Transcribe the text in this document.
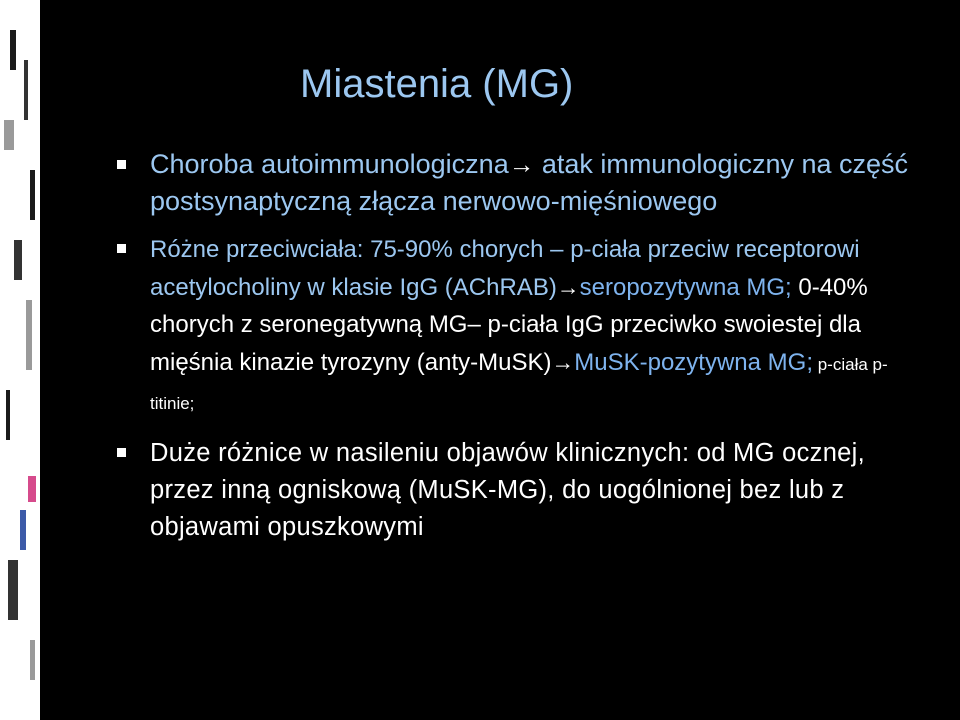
Miastenia (MG)
Choroba autoimmunologiczna→ atak immunologiczny na część postsynaptyczną złącza nerwowo-mięśniowego
Różne przeciwciała: 75-90% chorych – p-ciała przeciw receptorowi acetylocholiny w klasie IgG (AChRAB)→seropozytywna MG; 0-40% chorych z seronegatywną MG– p-ciała IgG przeciwko swoiestej dla mięśnia kinazie tyrozyny (anty-MuSK)→MuSK-pozytywna MG; p-ciała p-titinie;
Duże różnice w nasileniu objawów klinicznych: od MG ocznej, przez inną ogniskową (MuSK-MG), do uogólnionej bez lub z objawami opuszkowymi
